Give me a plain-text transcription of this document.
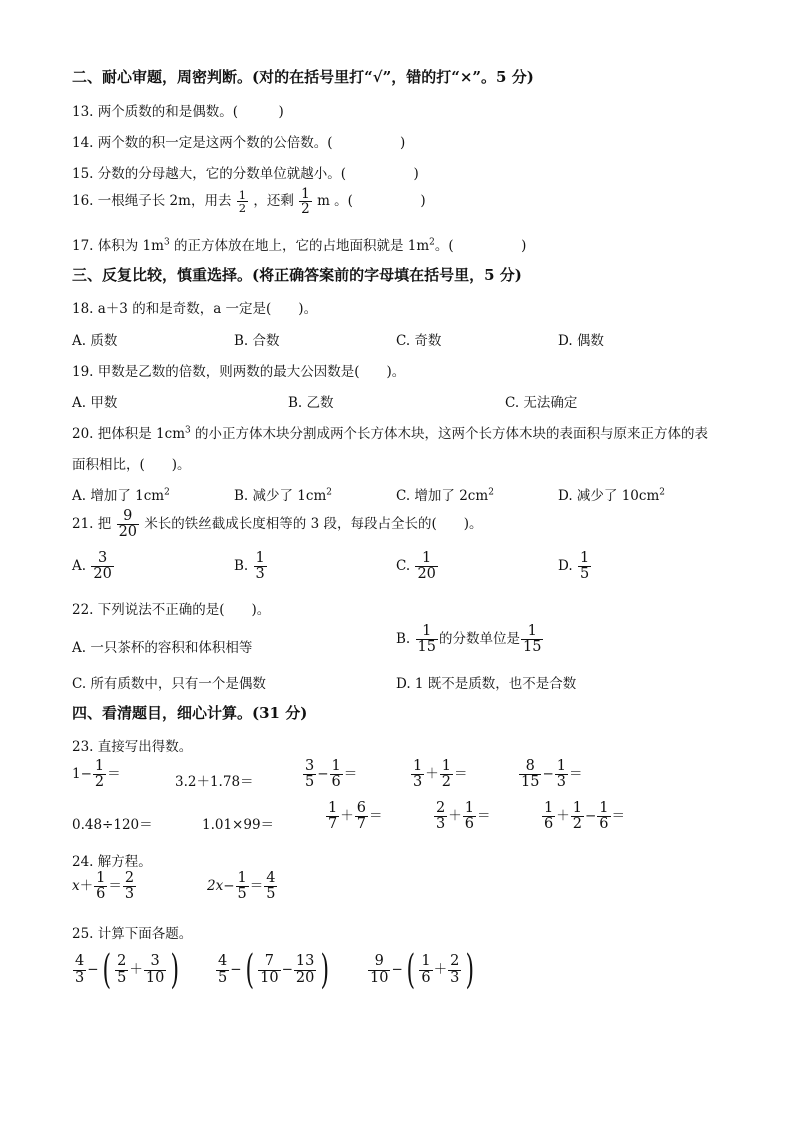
二、耐心审题，周密判断。(对的在括号里打“√”，错的打“×”。5 分)
13. 两个质数的和是偶数。(　　　)
14. 两个数的积一定是这两个数的公倍数。(　　　　　)
15. 分数的分母越大，它的分数单位就越小。(　　　　　)
16. 一根绳子长 2m，用去 $\frac{1}{2}$ ，还剩 $\frac{1}{2}$ m 。(　　　　　)
17. 体积为 $1m^3$ 的正方体放在地上，它的占地面积就是 $1m^2$。(　　　　　)
三、反复比较，慎重选择。(将正确答案前的字母填在括号里，5 分)
18. a＋3 的和是奇数，a 一定是(　　)。
A. 质数	B. 合数	C. 奇数	D. 偶数
19. 甲数是乙数的倍数，则两数的最大公因数是(　　)。
A. 甲数	B. 乙数	C. 无法确定
20. 把体积是 $1cm^3$ 的小正方体木块分割成两个长方体木块，这两个长方体木块的表面积与原来正方体的表
面积相比，(　　)。
A. 增加了 $1cm^2$	B. 减少了 $1cm^2$	C. 增加了 $2cm^2$	D. 减少了 $10cm^2$
21. 把 $\frac{9}{20}$ 米长的铁丝截成长度相等的 3 段，每段占全长的(　　)。
A. $\frac{3}{20}$	B. $\frac{1}{3}$	C. $\frac{1}{20}$	D. $\frac{1}{5}$
22. 下列说法不正确的是(　　)。
A. 一只茶杯的容积和体积相等
B. $\frac{1}{15}$ 的分数单位是 $\frac{1}{15}$
C. 所有质数中，只有一个是偶数	D. 1 既不是质数，也不是合数
四、看清题目，细心计算。(31 分)
23. 直接写出得数。
$1- \frac{1}{2}$ ＝	3.2＋1.78＝	$\frac{3}{5} - \frac{1}{6}$ ＝	$\frac{1}{3} + \frac{1}{2}$ ＝	$\frac{8}{15} - \frac{1}{3}$ ＝
0.48÷120＝	1.01×99＝	$\frac{1}{7} + \frac{6}{7}$ ＝	$\frac{2}{3} + \frac{1}{6}$ ＝	$\frac{1}{6} + \frac{1}{2} - \frac{1}{6}$ ＝
24. 解方程。
$x+ \frac{1}{6} = \frac{2}{3}$	$2x- \frac{1}{5} = \frac{4}{5}$
25. 计算下面各题。
$\frac{4}{3}$ −( $\frac{2}{5} + \frac{3}{10}$ )	$\frac{4}{5}$ −( $\frac{7}{10} - \frac{13}{20}$ )	$\frac{9}{10}$ −( $\frac{1}{6} + \frac{2}{3}$ )
